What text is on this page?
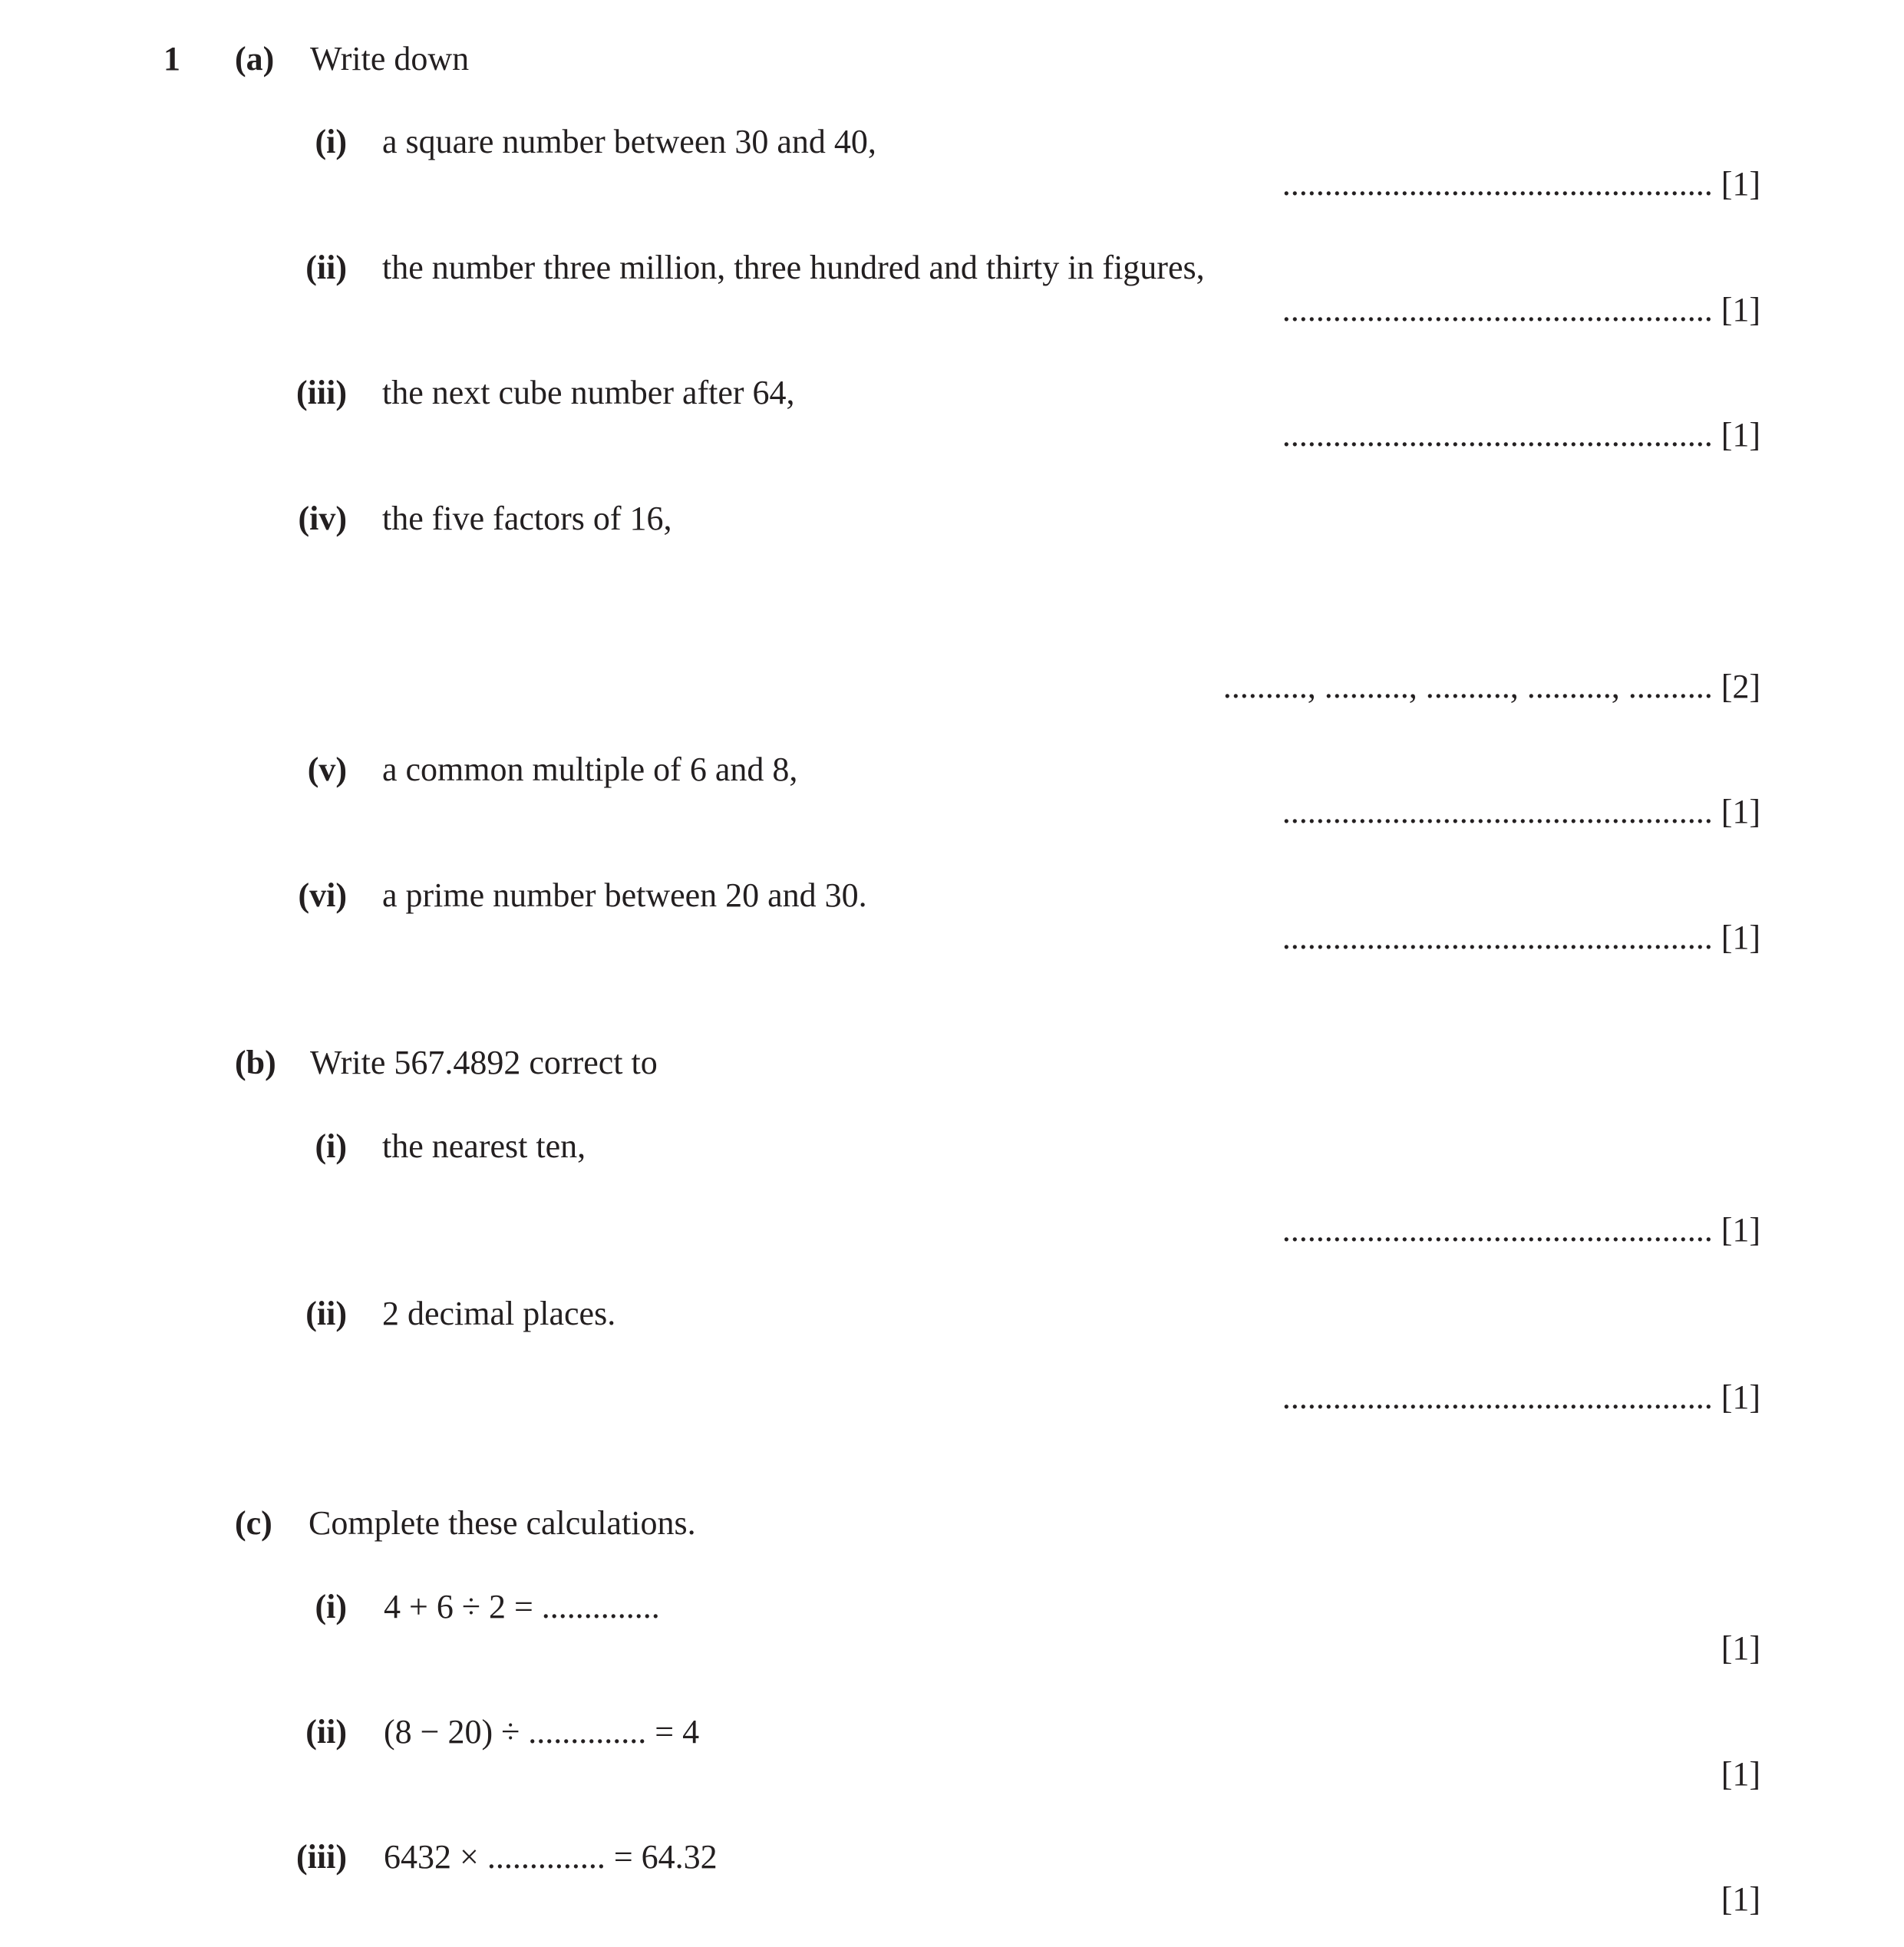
1 (a) Write down
(i) a square number between 30 and 40,
................................................... [1]
(ii) the number three million, three hundred and thirty in figures,
................................................... [1]
(iii) the next cube number after 64,
................................................... [1]
(iv) the five factors of 16,
.........., .........., .........., .........., .......... [2]
(v) a common multiple of 6 and 8,
................................................... [1]
(vi) a prime number between 20 and 30.
................................................... [1]
(b) Write 567.4892 correct to
(i) the nearest ten,
................................................... [1]
(ii) 2 decimal places.
................................................... [1]
(c) Complete these calculations.
(i) 4 + 6 ÷ 2 = ..............
[1]
(ii) (8 − 20) ÷ .............. = 4
[1]
(iii) 6432 × .............. = 64.32
[1]
